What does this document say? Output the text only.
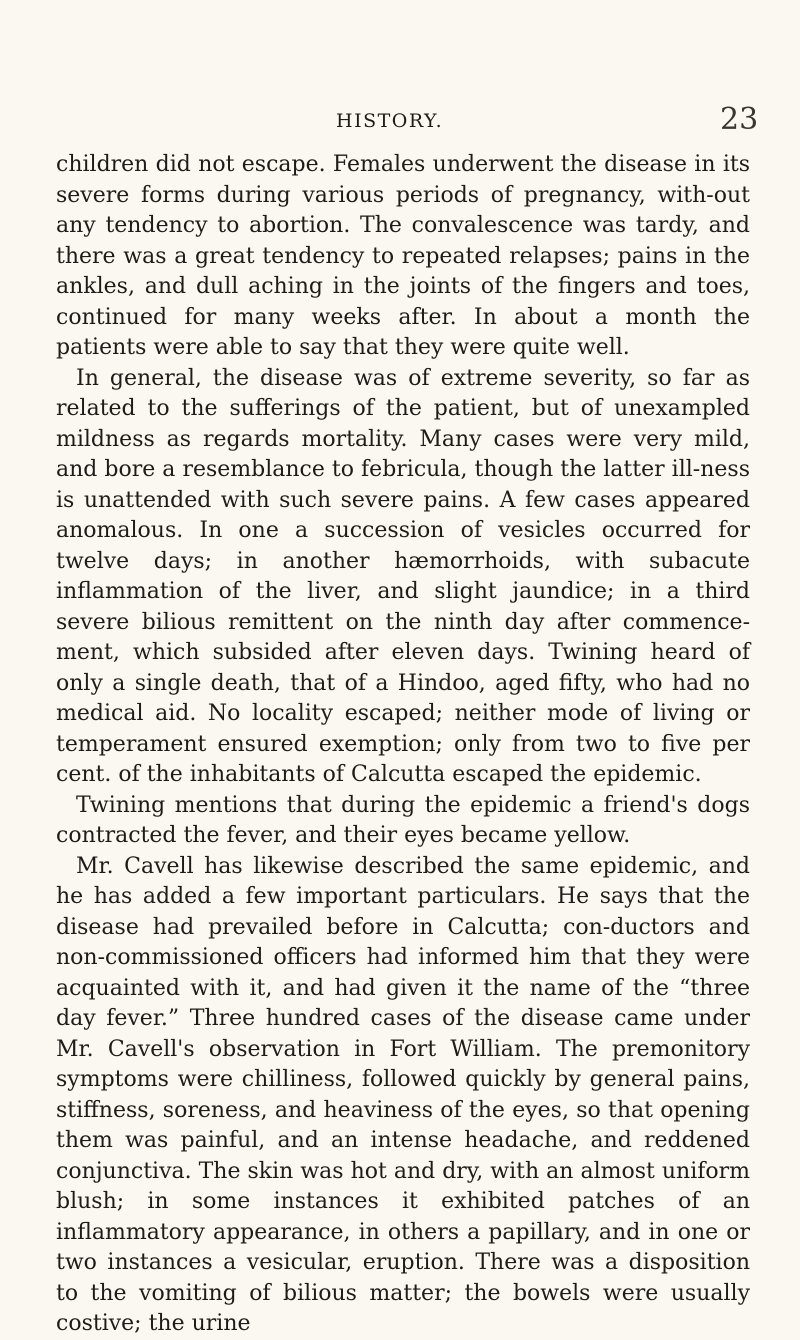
HISTORY.	23

children did not escape. Females underwent the disease in its severe forms during various periods of pregnancy, with-out any tendency to abortion. The convalescence was tardy, and there was a great tendency to repeated relapses; pains in the ankles, and dull aching in the joints of the fingers and toes, continued for many weeks after. In about a month the patients were able to say that they were quite well.

In general, the disease was of extreme severity, so far as related to the sufferings of the patient, but of unexampled mildness as regards mortality. Many cases were very mild, and bore a resemblance to febricula, though the latter ill-ness is unattended with such severe pains. A few cases appeared anomalous. In one a succession of vesicles occurred for twelve days; in another hæmorrhoids, with subacute inflammation of the liver, and slight jaundice; in a third severe bilious remittent on the ninth day after commence-ment, which subsided after eleven days. Twining heard of only a single death, that of a Hindoo, aged fifty, who had no medical aid. No locality escaped; neither mode of living or temperament ensured exemption; only from two to five per cent. of the inhabitants of Calcutta escaped the epidemic.

Twining mentions that during the epidemic a friend's dogs contracted the fever, and their eyes became yellow.

Mr. Cavell has likewise described the same epidemic, and he has added a few important particulars. He says that the disease had prevailed before in Calcutta; con-ductors and non-commissioned officers had informed him that they were acquainted with it, and had given it the name of the “three day fever.” Three hundred cases of the disease came under Mr. Cavell's observation in Fort William. The premonitory symptoms were chilliness, followed quickly by general pains, stiffness, soreness, and heaviness of the eyes, so that opening them was painful, and an intense headache, and reddened conjunctiva. The skin was hot and dry, with an almost uniform blush; in some instances it exhibited patches of an inflammatory appearance, in others a papillary, and in one or two instances a vesicular, eruption. There was a disposition to the vomiting of bilious matter; the bowels were usually costive; the urine
